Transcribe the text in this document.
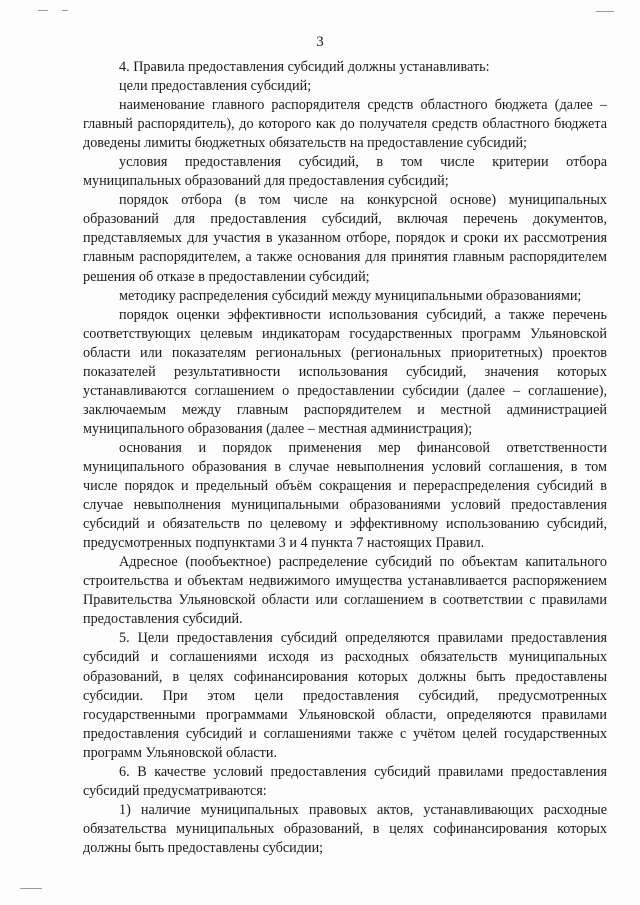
3

4. Правила предоставления субсидий должны устанавливать:

цели предоставления субсидий;

наименование главного распорядителя средств областного бюджета (далее – главный распорядитель), до которого как до получателя средств областного бюджета доведены лимиты бюджетных обязательств на предоставление субсидий;

условия предоставления субсидий, в том числе критерии отбора муниципальных образований для предоставления субсидий;

порядок отбора (в том числе на конкурсной основе) муниципальных образований для предоставления субсидий, включая перечень документов, представляемых для участия в указанном отборе, порядок и сроки их рассмотрения главным распорядителем, а также основания для принятия главным распорядителем решения об отказе в предоставлении субсидий;

методику распределения субсидий между муниципальными образованиями;

порядок оценки эффективности использования субсидий, а также перечень соответствующих целевым индикаторам государственных программ Ульяновской области или показателям региональных (региональных приоритетных) проектов показателей результативности использования субсидий, значения которых устанавливаются соглашением о предоставлении субсидии (далее – соглашение), заключаемым между главным распорядителем и местной администрацией муниципального образования (далее – местная администрация);

основания и порядок применения мер финансовой ответственности муниципального образования в случае невыполнения условий соглашения, в том числе порядок и предельный объём сокращения и перераспределения субсидий в случае невыполнения муниципальными образованиями условий предоставления субсидий и обязательств по целевому и эффективному использованию субсидий, предусмотренных подпунктами 3 и 4 пункта 7 настоящих Правил.

Адресное (пообъектное) распределение субсидий по объектам капитального строительства и объектам недвижимого имущества устанавливается распоряжением Правительства Ульяновской области или соглашением в соответствии с правилами предоставления субсидий.

5. Цели предоставления субсидий определяются правилами предоставления субсидий и соглашениями исходя из расходных обязательств муниципальных образований, в целях софинансирования которых должны быть предоставлены субсидии. При этом цели предоставления субсидий, предусмотренных государственными программами Ульяновской области, определяются правилами предоставления субсидий и соглашениями также с учётом целей государственных программ Ульяновской области.

6. В качестве условий предоставления субсидий правилами предоставления субсидий предусматриваются:

1) наличие муниципальных правовых актов, устанавливающих расходные обязательства муниципальных образований, в целях софинансирования которых должны быть предоставлены субсидии;
